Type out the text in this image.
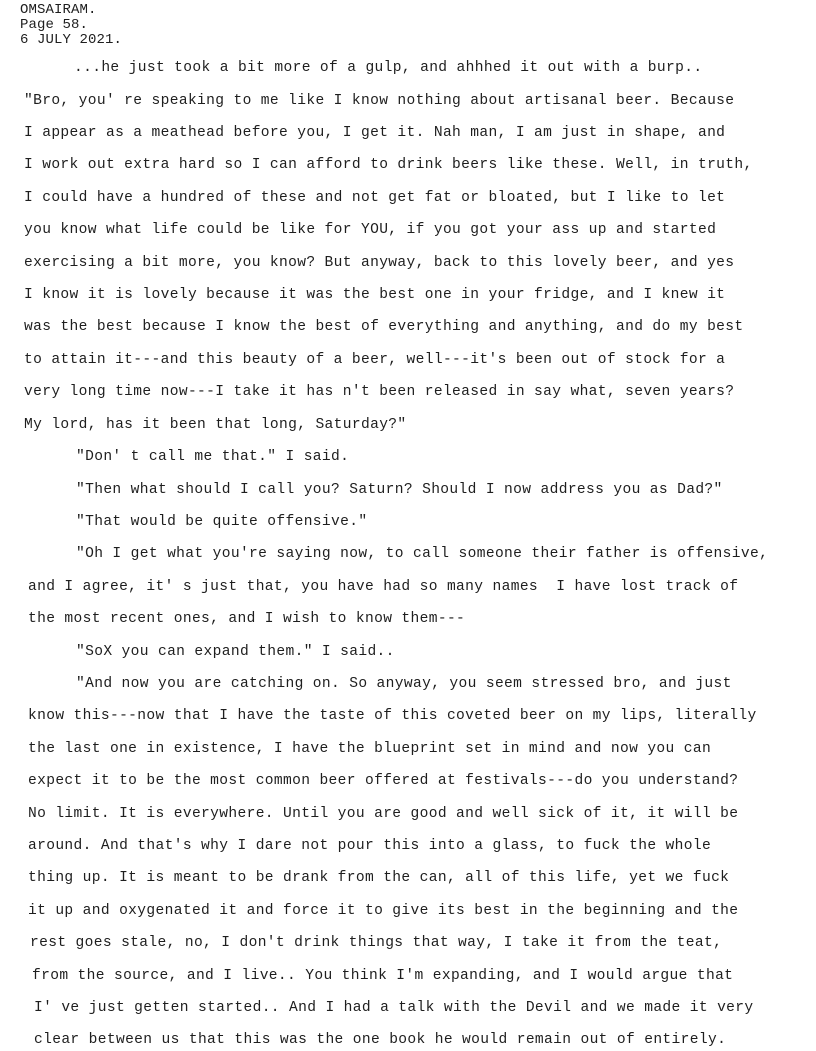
OMSAIRAM.
Page 58.
6 JULY 2021.
...he just took a bit more of a gulp, and ahhhed it out with a burp..
"Bro, you' re speaking to me like I know nothing about artisanal beer. Because
I appear as a meathead before you, I get it. Nah man, I am just in shape, and
I work out extra hard so I can afford to drink beers like these. Well, in truth,
I could have a hundred of these and not get fat or bloated, but I like to let
you know what life could be like for YOU, if you got your ass up and started
exercising a bit more, you know? But anyway, back to this lovely beer, and yes
I know it is lovely because it was the best one in your fridge, and I knew it
was the best because I know the best of everything and anything, and do my best
to attain it---and this beauty of a beer, well---it's been out of stock for a
very long time now---I take it has n't been released in say what, seven years?
My lord, has it been that long, Saturday?"
"Don' t call me that." I said.
"Then what should I call you? Saturn? Should I now address you as Dad?"
"That would be quite offensive."
"Oh I get what you're saying now, to call someone their father is offensive,
and I agree, it' s just that, you have had so many names  I have lost track of
the most recent ones, and I wish to know them---
"SoX you can expand them." I said..
"And now you are catching on. So anyway, you seem stressed bro, and just
know this---now that I have the taste of this coveted beer on my lips, literally
the last one in existence, I have the blueprint set in mind and now you can
expect it to be the most common beer offered at festivals---do you understand?
No limit. It is everywhere. Until you are good and well sick of it, it will be
around. And that's why I dare not pour this into a glass, to fuck the whole
thing up. It is meant to be drank from the can, all of this life, yet we fuck
it up and oxygenated it and force it to give its best in the beginning and the
rest goes stale, no, I don't drink things that way, I take it from the teat,
from the source, and I live.. You think I'm expanding, and I would argue that
I' ve just getten started.. And I had a talk with the Devil and we made it very
clear between us that this was the one book he would remain out of entirely.
